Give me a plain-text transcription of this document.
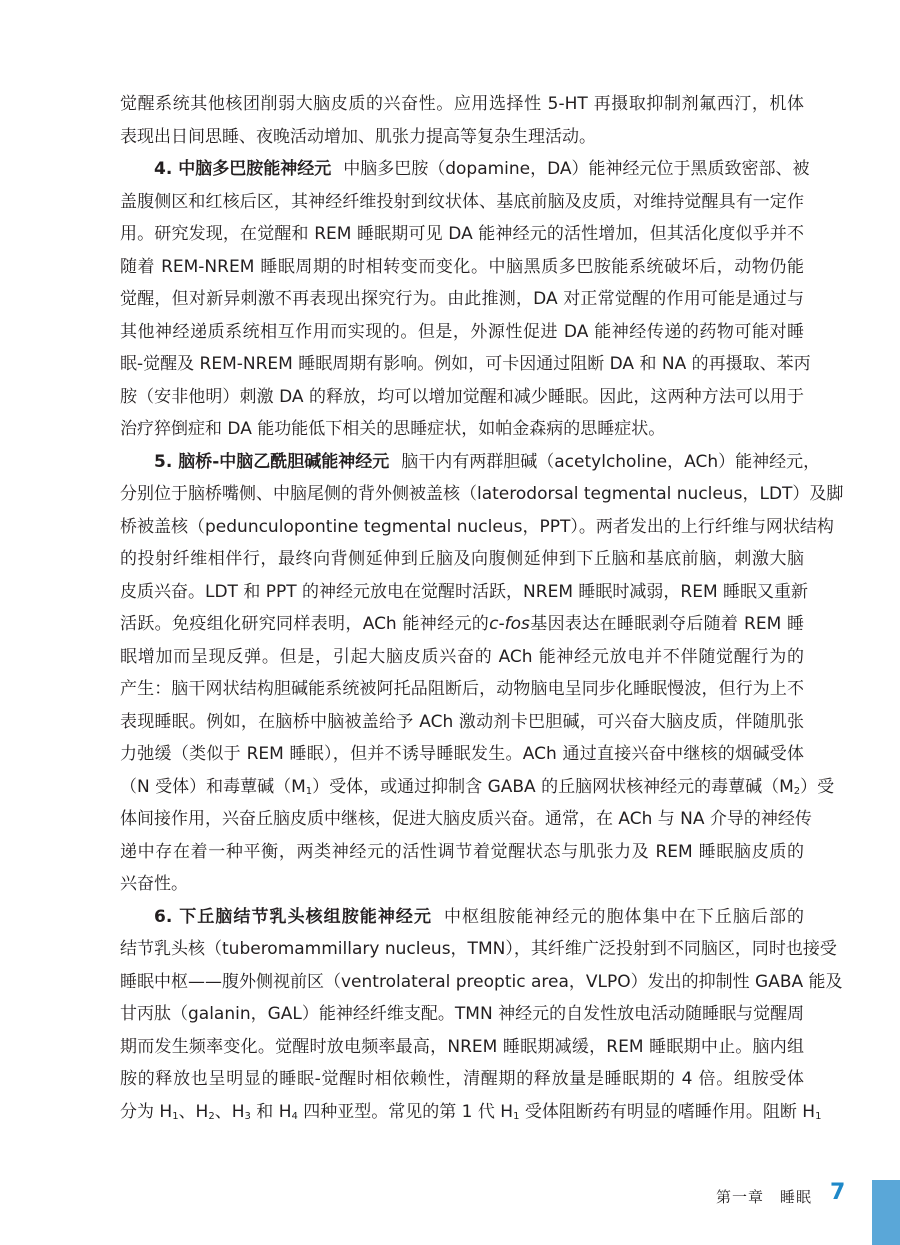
觉醒系统其他核团削弱大脑皮质的兴奋性。应用选择性 5-HT 再摄取抑制剂氟西汀，机体
表现出日间思睡、夜晚活动增加、肌张力提高等复杂生理活动。
4. 中脑多巴胺能神经元 中脑多巴胺（dopamine，DA）能神经元位于黑质致密部、被
盖腹侧区和红核后区，其神经纤维投射到纹状体、基底前脑及皮质，对维持觉醒具有一定作
用。研究发现，在觉醒和 REM 睡眠期可见 DA 能神经元的活性增加，但其活化度似乎并不
随着 REM-NREM 睡眠周期的时相转变而变化。中脑黑质多巴胺能系统破坏后，动物仍能
觉醒，但对新异刺激不再表现出探究行为。由此推测，DA 对正常觉醒的作用可能是通过与
其他神经递质系统相互作用而实现的。但是，外源性促进 DA 能神经传递的药物可能对睡
眠-觉醒及 REM-NREM 睡眠周期有影响。例如，可卡因通过阻断 DA 和 NA 的再摄取、苯丙
胺（安非他明）刺激 DA 的释放，均可以增加觉醒和减少睡眠。因此，这两种方法可以用于
治疗猝倒症和 DA 能功能低下相关的思睡症状，如帕金森病的思睡症状。
5. 脑桥-中脑乙酰胆碱能神经元 脑干内有两群胆碱（acetylcholine，ACh）能神经元，
分别位于脑桥嘴侧、中脑尾侧的背外侧被盖核（laterodorsal tegmental nucleus，LDT）及脚
桥被盖核（pedunculopontine tegmental nucleus，PPT）。两者发出的上行纤维与网状结构
的投射纤维相伴行，最终向背侧延伸到丘脑及向腹侧延伸到下丘脑和基底前脑，刺激大脑
皮质兴奋。LDT 和 PPT 的神经元放电在觉醒时活跃，NREM 睡眠时减弱，REM 睡眠又重新
活跃。免疫组化研究同样表明，ACh 能神经元的c-fos基因表达在睡眠剥夺后随着 REM 睡
眠增加而呈现反弹。但是，引起大脑皮质兴奋的 ACh 能神经元放电并不伴随觉醒行为的
产生：脑干网状结构胆碱能系统被阿托品阻断后，动物脑电呈同步化睡眠慢波，但行为上不
表现睡眠。例如，在脑桥中脑被盖给予 ACh 激动剂卡巴胆碱，可兴奋大脑皮质，伴随肌张
力弛缓（类似于 REM 睡眠），但并不诱导睡眠发生。ACh 通过直接兴奋中继核的烟碱受体
（N 受体）和毒蕈碱$(M_1)$受体，或通过抑制含 GABA 的丘脑网状核神经元的毒蕈碱$(M_2)$受
体间接作用，兴奋丘脑皮质中继核，促进大脑皮质兴奋。通常，在 ACh 与 NA 介导的神经传
递中存在着一种平衡，两类神经元的活性调节着觉醒状态与肌张力及 REM 睡眠脑皮质的
兴奋性。
6. 下丘脑结节乳头核组胺能神经元 中枢组胺能神经元的胞体集中在下丘脑后部的
结节乳头核（tuberomammillary nucleus，TMN），其纤维广泛投射到不同脑区，同时也接受
睡眠中枢——腹外侧视前区（ventrolateral preoptic area，VLPO）发出的抑制性 GABA 能及
甘丙肽（galanin，GAL）能神经纤维支配。TMN 神经元的自发性放电活动随睡眠与觉醒周
期而发生频率变化。觉醒时放电频率最高，NREM 睡眠期减缓，REM 睡眠期中止。脑内组
胺的释放也呈明显的睡眠-觉醒时相依赖性，清醒期的释放量是睡眠期的 4 倍。组胺受体
分为 $H_1$、$H_2$、$H_3$ 和 $H_4$ 四种亚型。常见的第 1 代 $H_1$ 受体阻断药有明显的嗜睡作用。阻断 $H_1$
第一章　睡眠 7
